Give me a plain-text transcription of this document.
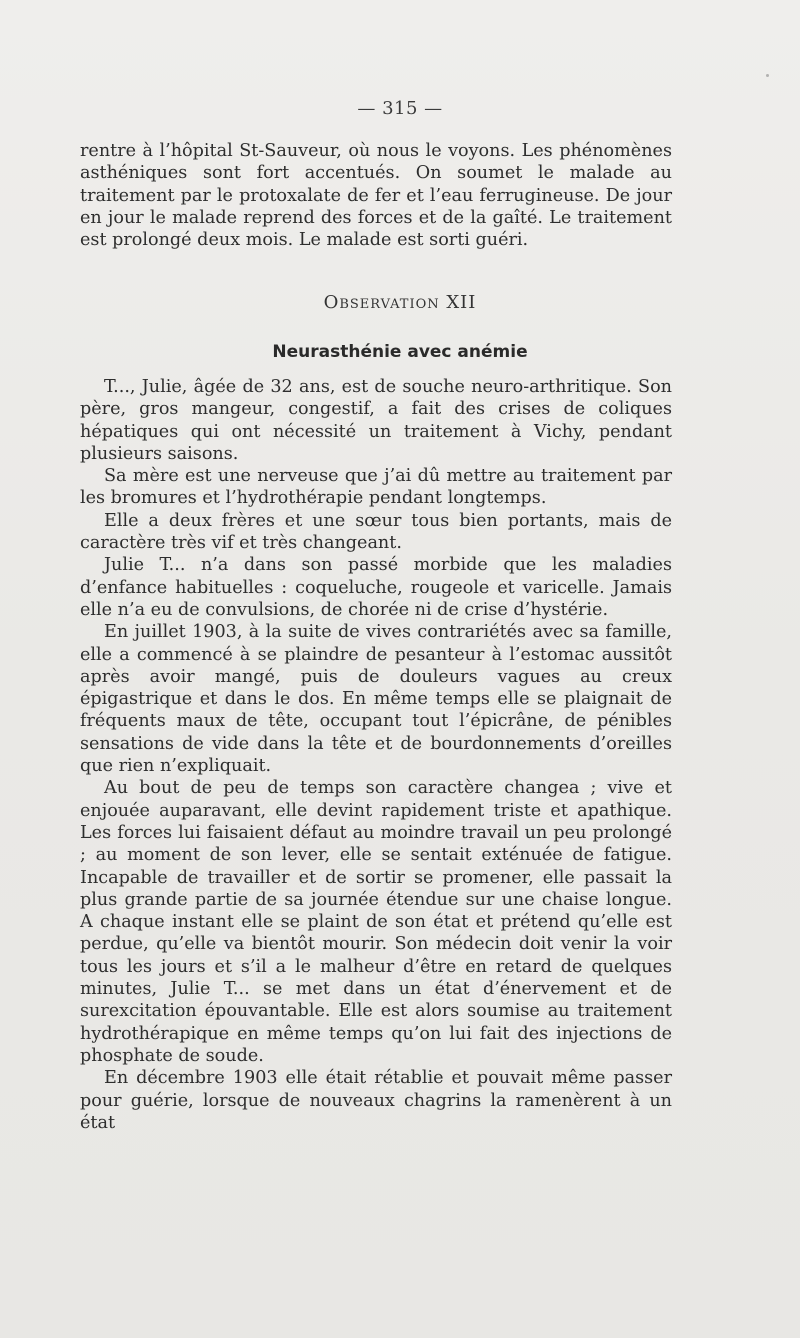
— 315 —
rentre à l’hôpital St-Sauveur, où nous le voyons. Les phénomènes asthéniques sont fort accentués. On soumet le malade au traitement par le protoxalate de fer et l’eau ferrugineuse. De jour en jour le malade reprend des forces et de la gaîté. Le traitement est prolongé deux mois. Le malade est sorti guéri.
Observation XII
Neurasthénie avec anémie

T..., Julie, âgée de 32 ans, est de souche neuro-arthritique. Son père, gros mangeur, congestif, a fait des crises de coliques hépatiques qui ont nécessité un traitement à Vichy, pendant plusieurs saisons.

Sa mère est une nerveuse que j’ai dû mettre au traitement par les bromures et l’hydrothérapie pendant longtemps.

Elle a deux frères et une sœur tous bien portants, mais de caractère très vif et très changeant.

Julie T... n’a dans son passé morbide que les maladies d’enfance habituelles : coqueluche, rougeole et varicelle. Jamais elle n’a eu de convulsions, de chorée ni de crise d’hystérie.

En juillet 1903, à la suite de vives contrariétés avec sa famille, elle a commencé à se plaindre de pesanteur à l’estomac aussitôt après avoir mangé, puis de douleurs vagues au creux épigastrique et dans le dos. En même temps elle se plaignait de fréquents maux de tête, occupant tout l’épicrâne, de pénibles sensations de vide dans la tête et de bourdonnements d’oreilles que rien n’expliquait.

Au bout de peu de temps son caractère changea ; vive et enjouée auparavant, elle devint rapidement triste et apathique. Les forces lui faisaient défaut au moindre travail un peu prolongé ; au moment de son lever, elle se sentait exténuée de fatigue. Incapable de travailler et de sortir se promener, elle passait la plus grande partie de sa journée étendue sur une chaise longue. A chaque instant elle se plaint de son état et prétend qu’elle est perdue, qu’elle va bientôt mourir. Son médecin doit venir la voir tous les jours et s’il a le malheur d’être en retard de quelques minutes, Julie T... se met dans un état d’énervement et de surexcitation épouvantable. Elle est alors soumise au traitement hydrothérapique en même temps qu’on lui fait des injections de phosphate de soude.

En décembre 1903 elle était rétablie et pouvait même passer pour guérie, lorsque de nouveaux chagrins la ramenèrent à un état
